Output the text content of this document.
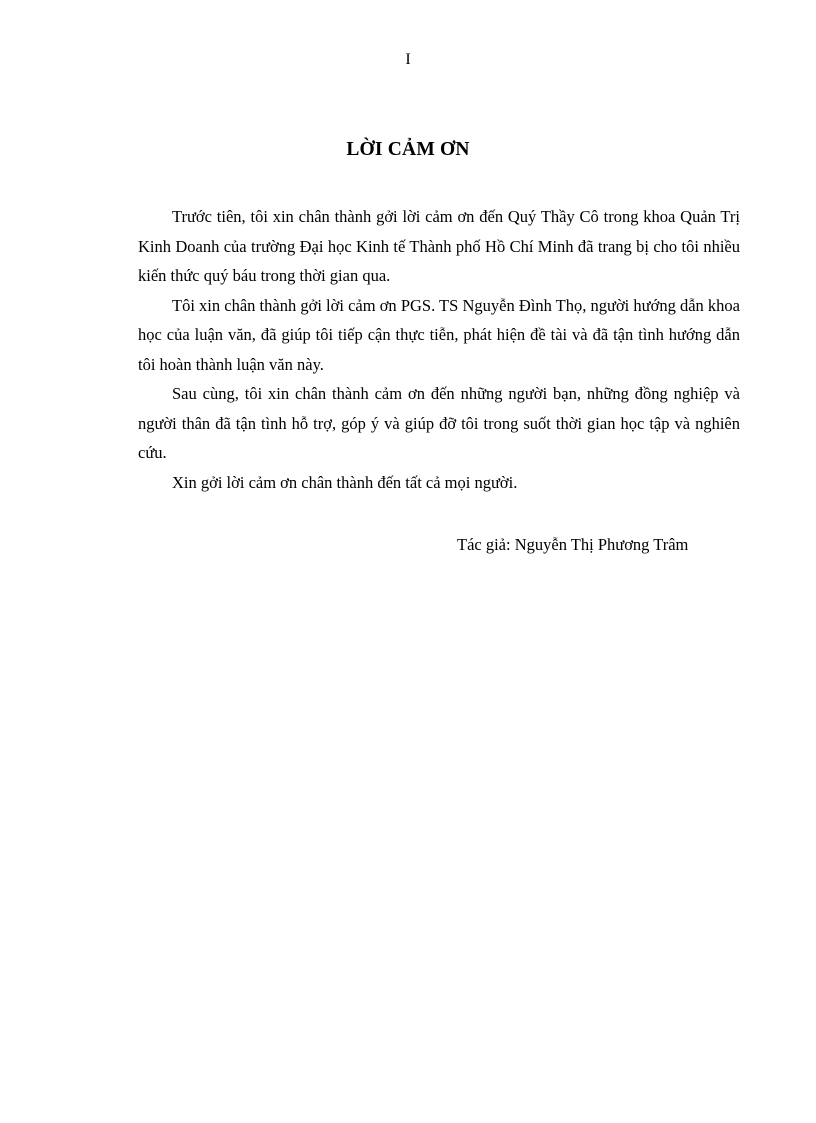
I
LỜI CẢM ƠN

Trước tiên, tôi xin chân thành gởi lời cảm ơn đến Quý Thầy Cô trong khoa Quản Trị Kinh Doanh của trường Đại học Kinh tế Thành phố Hồ Chí Minh đã trang bị cho tôi nhiều kiến thức quý báu trong thời gian qua.

Tôi xin chân thành gởi lời cảm ơn PGS. TS Nguyễn Đình Thọ, người hướng dẫn khoa học của luận văn, đã giúp tôi tiếp cận thực tiễn, phát hiện đề tài và đã tận tình hướng dẫn tôi hoàn thành luận văn này.

Sau cùng, tôi xin chân thành cảm ơn đến những người bạn, những đồng nghiệp và người thân đã tận tình hỗ trợ, góp ý và giúp đỡ tôi trong suốt thời gian học tập và nghiên cứu.

Xin gởi lời cảm ơn chân thành đến tất cả mọi người.

Tác giả: Nguyễn Thị Phương Trâm
